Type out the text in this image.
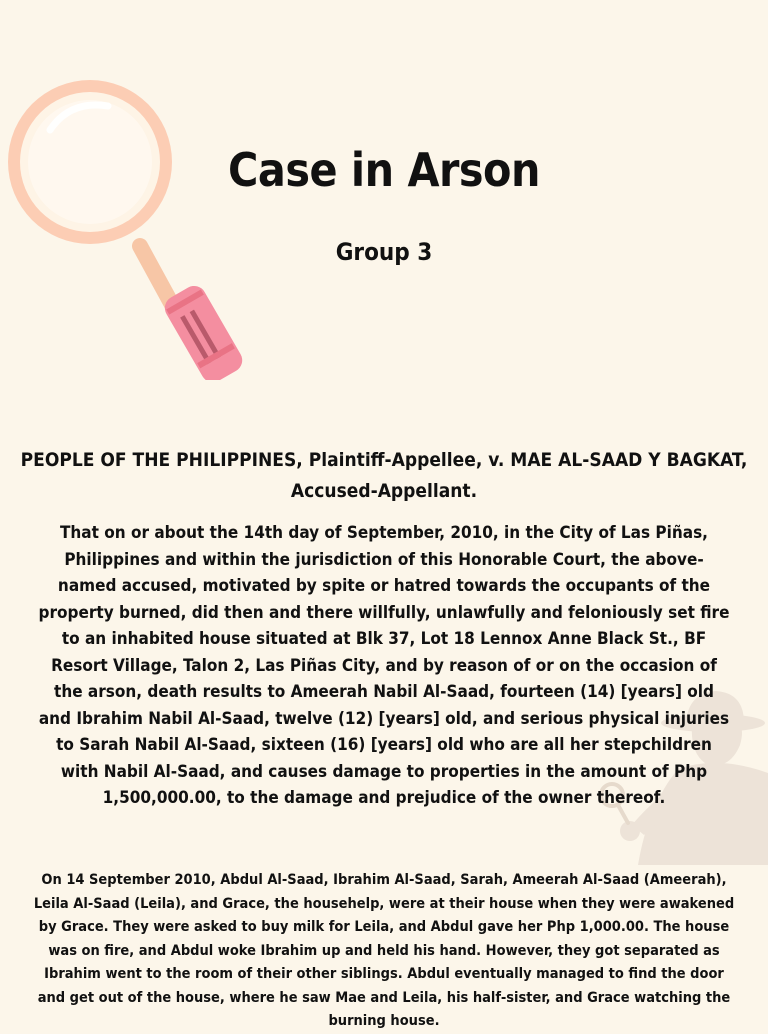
Case in Arson
Group 3
PEOPLE OF THE PHILIPPINES, Plaintiff-Appellee, v. MAE AL-SAAD Y BAGKAT, Accused-Appellant.
That on or about the 14th day of September, 2010, in the City of Las Piñas, Philippines and within the jurisdiction of this Honorable Court, the above-named accused, motivated by spite or hatred towards the occupants of the property burned, did then and there willfully, unlawfully and feloniously set fire to an inhabited house situated at Blk 37, Lot 18 Lennox Anne Black St., BF Resort Village, Talon 2, Las Piñas City, and by reason of or on the occasion of the arson, death results to Ameerah Nabil Al-Saad, fourteen (14) [years] old and Ibrahim Nabil Al-Saad, twelve (12) [years] old, and serious physical injuries to Sarah Nabil Al-Saad, sixteen (16) [years] old who are all her stepchildren with Nabil Al-Saad, and causes damage to properties in the amount of Php 1,500,000.00, to the damage and prejudice of the owner thereof.
On 14 September 2010, Abdul Al-Saad, Ibrahim Al-Saad, Sarah, Ameerah Al-Saad (Ameerah), Leila Al-Saad (Leila), and Grace, the househelp, were at their house when they were awakened by Grace. They were asked to buy milk for Leila, and Abdul gave her Php 1,000.00. The house was on fire, and Abdul woke Ibrahim up and held his hand. However, they got separated as Ibrahim went to the room of their other siblings. Abdul eventually managed to find the door and get out of the house, where he saw Mae and Leila, his half-sister, and Grace watching the burning house.
